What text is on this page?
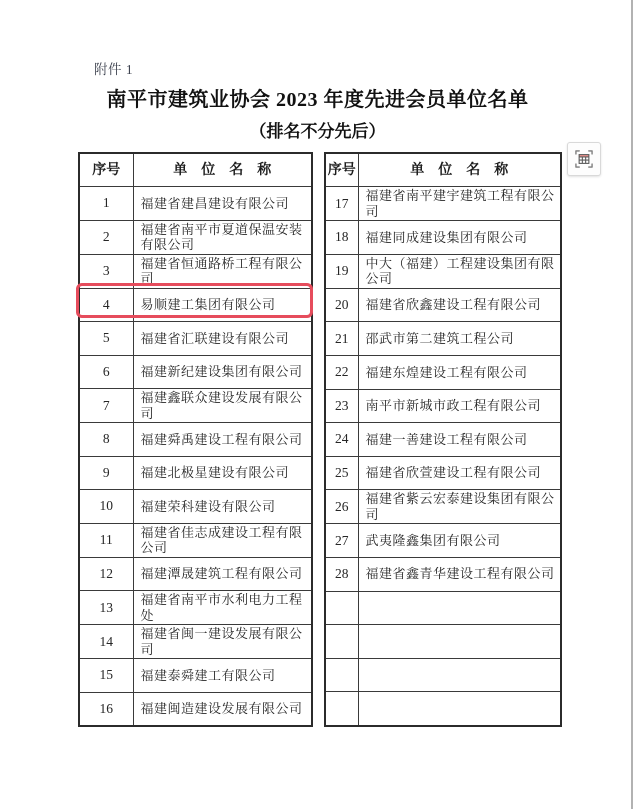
附件 1
南平市建筑业协会 2023 年度先进会员单位名单
（排名不分先后）
序号	单　位　名　称
1	福建省建昌建设有限公司
2	福建省南平市夏道保温安装有限公司
3	福建省恒通路桥工程有限公司
4	易顺建工集团有限公司
5	福建省汇联建设有限公司
6	福建新纪建设集团有限公司
7	福建鑫联众建设发展有限公司
8	福建舜禹建设工程有限公司
9	福建北极星建设有限公司
10	福建荣科建设有限公司
11	福建省佳志成建设工程有限公司
12	福建潭晟建筑工程有限公司
13	福建省南平市水利电力工程处
14	福建省闽一建设发展有限公司
15	福建泰舜建工有限公司
16	福建闽造建设发展有限公司
序号	单　位　名　称
17	福建省南平建宇建筑工程有限公司
18	福建同成建设集团有限公司
19	中大（福建）工程建设集团有限公司
20	福建省欣鑫建设工程有限公司
21	邵武市第二建筑工程公司
22	福建东煌建设工程有限公司
23	南平市新城市政工程有限公司
24	福建一善建设工程有限公司
25	福建省欣萱建设工程有限公司
26	福建省紫云宏泰建设集团有限公司
27	武夷隆鑫集团有限公司
28	福建省鑫青华建设工程有限公司
